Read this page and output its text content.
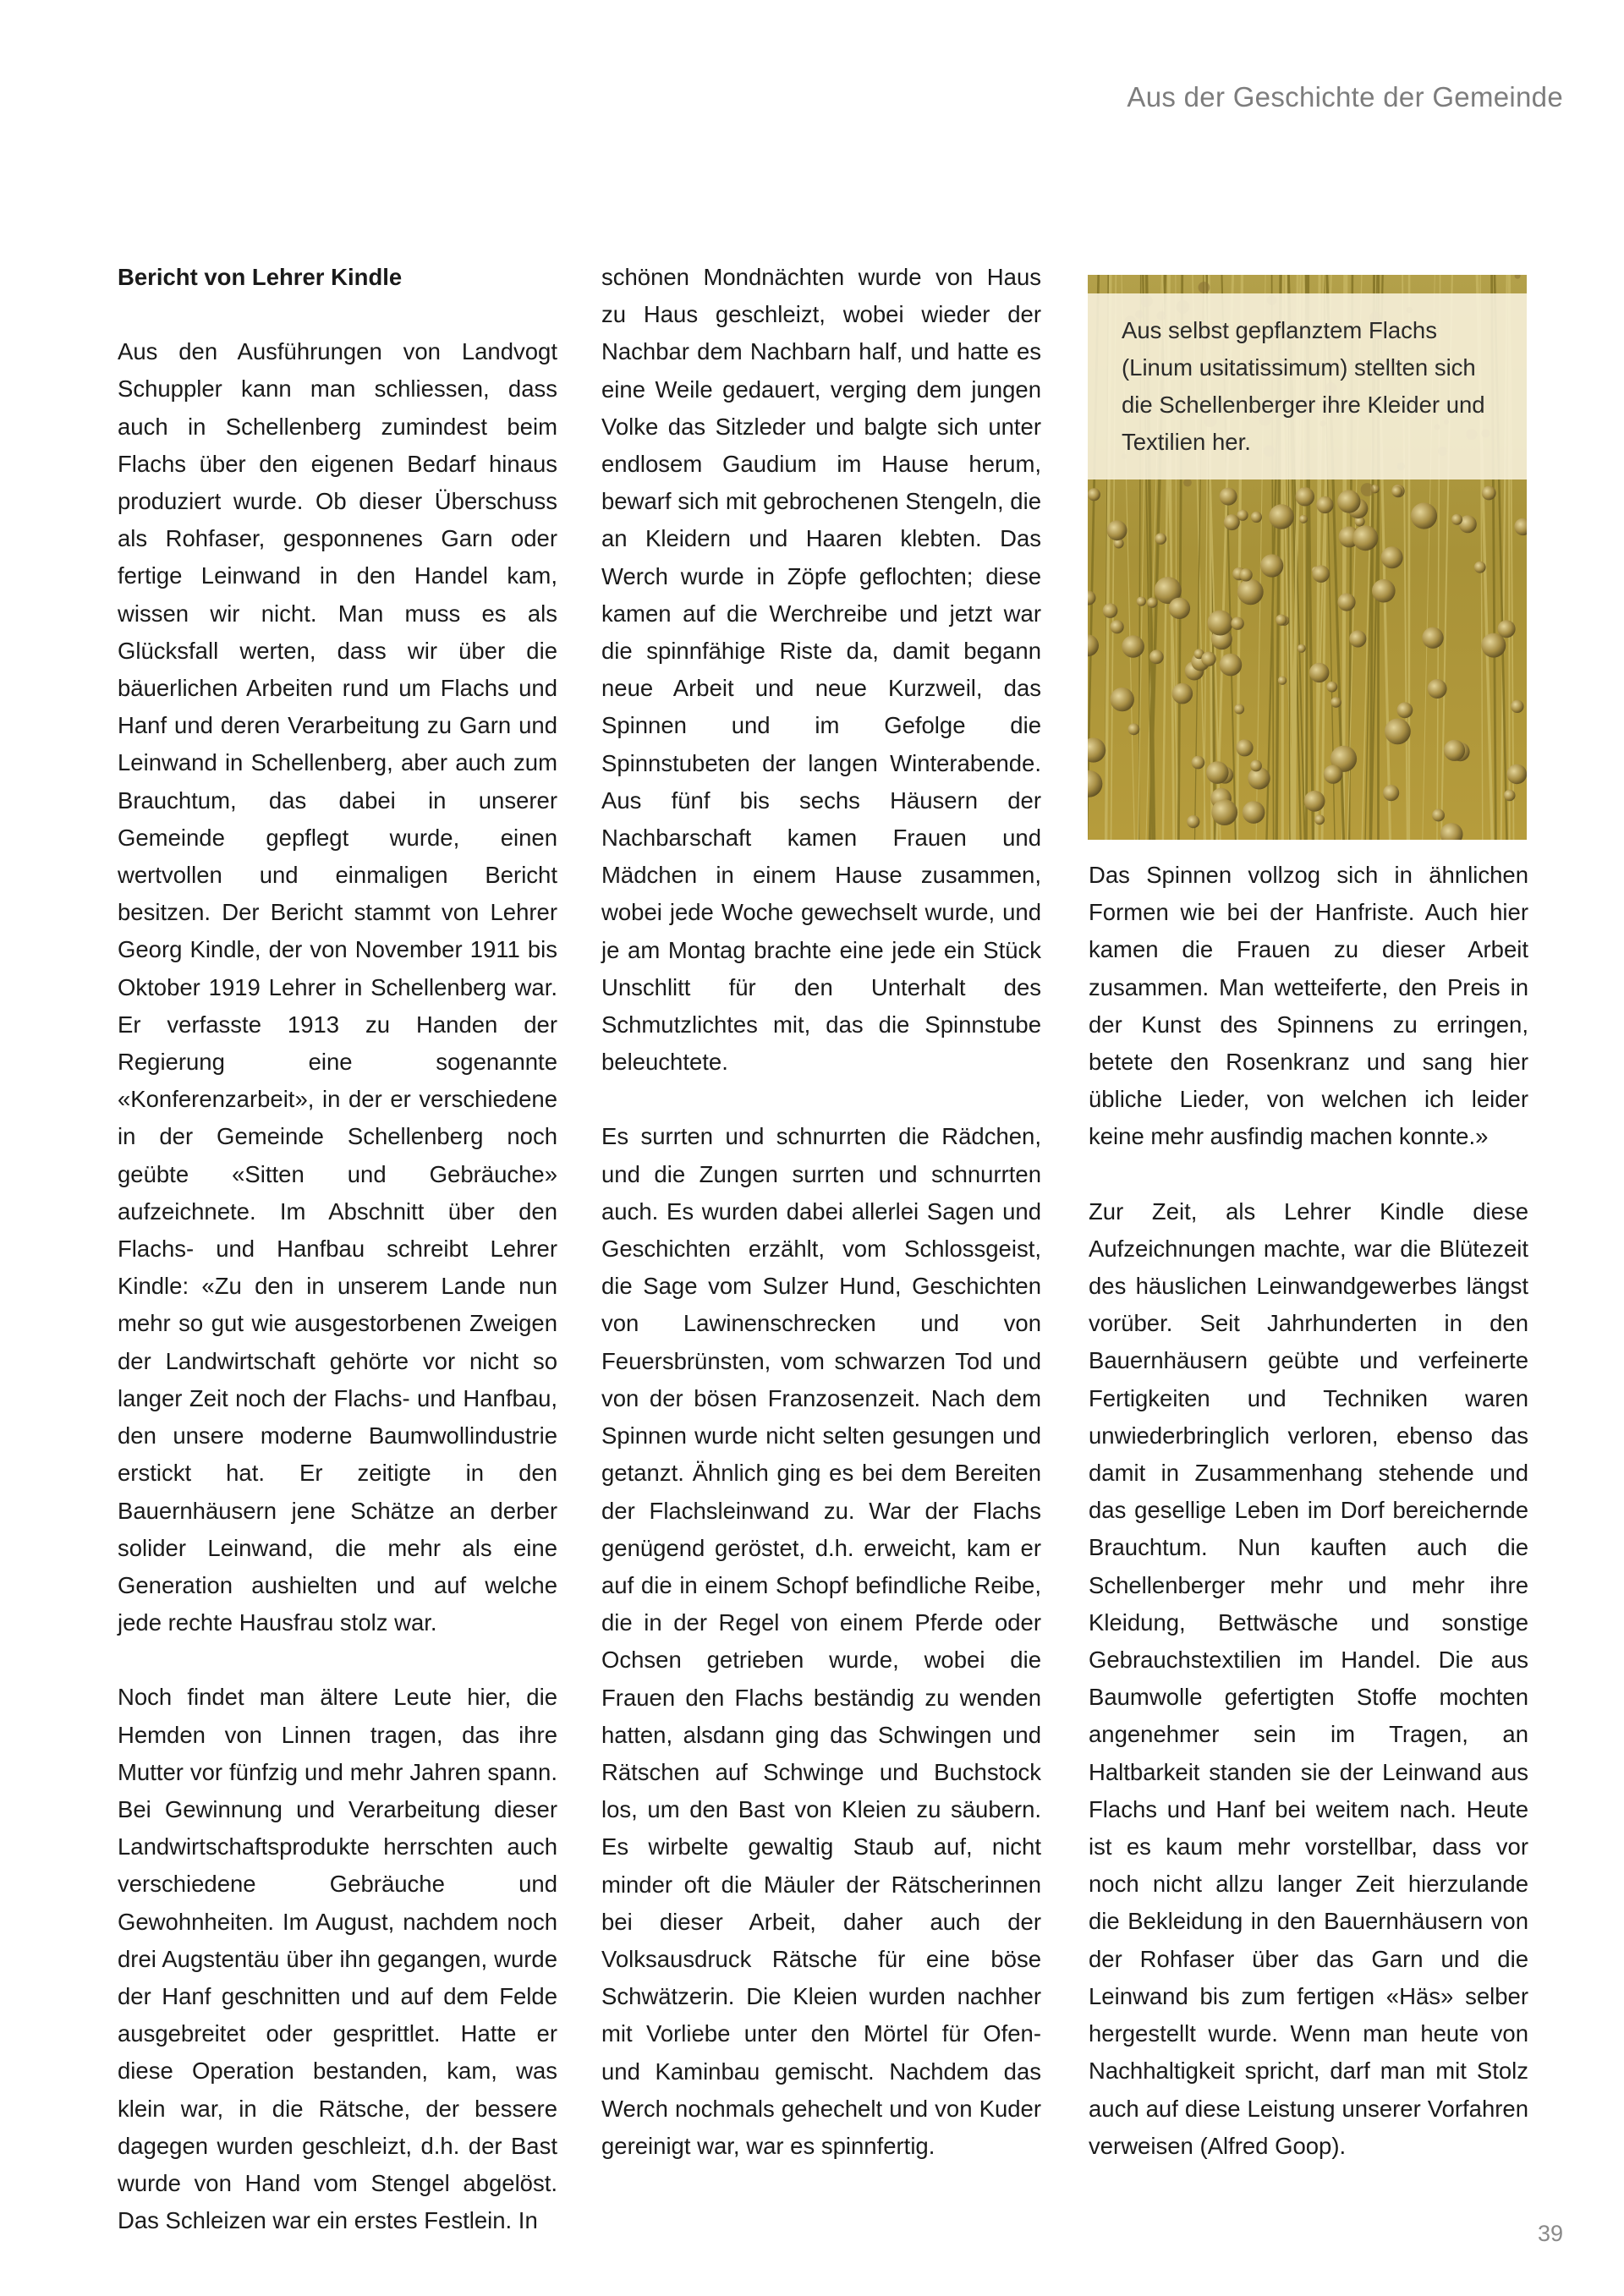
Aus der Geschichte der Gemeinde

Bericht von Lehrer Kindle

Aus den Ausführungen von Landvogt Schuppler kann man schliessen, dass auch in Schellenberg zumindest beim Flachs über den eigenen Bedarf hinaus produziert wurde. Ob dieser Überschuss als Rohfaser, gesponnenes Garn oder fertige Leinwand in den Handel kam, wissen wir nicht. Man muss es als Glücksfall werten, dass wir über die bäuerlichen Arbeiten rund um Flachs und Hanf und deren Verarbeitung zu Garn und Leinwand in Schellenberg, aber auch zum Brauchtum, das dabei in unserer Gemeinde gepflegt wurde, einen wertvollen und einmaligen Bericht besitzen. Der Bericht stammt von Lehrer Georg Kindle, der von November 1911 bis Oktober 1919 Lehrer in Schellenberg war. Er verfasste 1913 zu Handen der Regierung eine sogenannte «Konferenzarbeit», in der er verschiedene in der Gemeinde Schellenberg noch geübte «Sitten und Gebräuche» aufzeichnete. Im Abschnitt über den Flachs- und Hanfbau schreibt Lehrer Kindle: «Zu den in unserem Lande nun mehr so gut wie ausgestorbenen Zweigen der Landwirtschaft gehörte vor nicht so langer Zeit noch der Flachs- und Hanfbau, den unsere moderne Baumwollindustrie erstickt hat. Er zeitigte in den Bauernhäusern jene Schätze an derber solider Leinwand, die mehr als eine Generation aushielten und auf welche jede rechte Hausfrau stolz war.

Noch findet man ältere Leute hier, die Hemden von Linnen tragen, das ihre Mutter vor fünfzig und mehr Jahren spann. Bei Gewinnung und Verarbeitung dieser Landwirtschaftsprodukte herrschten auch verschiedene Gebräuche und Gewohnheiten. Im August, nachdem noch drei Augstentäu über ihn gegangen, wurde der Hanf geschnitten und auf dem Felde ausgebreitet oder gesprittlet. Hatte er diese Operation bestanden, kam, was klein war, in die Rätsche, der bessere dagegen wurden geschleizt, d.h. der Bast wurde von Hand vom Stengel abgelöst. Das Schleizen war ein erstes Festlein. In

schönen Mondnächten wurde von Haus zu Haus geschleizt, wobei wieder der Nachbar dem Nachbarn half, und hatte es eine Weile gedauert, verging dem jungen Volke das Sitzleder und balgte sich unter endlosem Gaudium im Hause herum, bewarf sich mit gebrochenen Stengeln, die an Kleidern und Haaren klebten. Das Werch wurde in Zöpfe geflochten; diese kamen auf die Werchreibe und jetzt war die spinnfähige Riste da, damit begann neue Arbeit und neue Kurzweil, das Spinnen und im Gefolge die Spinnstubeten der langen Winterabende. Aus fünf bis sechs Häusern der Nachbarschaft kamen Frauen und Mädchen in einem Hause zusammen, wobei jede Woche gewechselt wurde, und je am Montag brachte eine jede ein Stück Unschlitt für den Unterhalt des Schmutzlichtes mit, das die Spinnstube beleuchtete.

Es surrten und schnurrten die Rädchen, und die Zungen surrten und schnurrten auch. Es wurden dabei allerlei Sagen und Geschichten erzählt, vom Schlossgeist, die Sage vom Sulzer Hund, Geschichten von Lawinenschrecken und von Feuersbrünsten, vom schwarzen Tod und von der bösen Franzosenzeit. Nach dem Spinnen wurde nicht selten gesungen und getanzt. Ähnlich ging es bei dem Bereiten der Flachsleinwand zu. War der Flachs genügend geröstet, d.h. erweicht, kam er auf die in einem Schopf befindliche Reibe, die in der Regel von einem Pferde oder Ochsen getrieben wurde, wobei die Frauen den Flachs beständig zu wenden hatten, alsdann ging das Schwingen und Rätschen auf Schwinge und Buchstock los, um den Bast von Kleien zu säubern. Es wirbelte gewaltig Staub auf, nicht minder oft die Mäuler der Rätscherinnen bei dieser Arbeit, daher auch der Volksausdruck Rätsche für eine böse Schwätzerin. Die Kleien wurden nachher mit Vorliebe unter den Mörtel für Ofen- und Kaminbau gemischt. Nachdem das Werch nochmals gehechelt und von Kuder gereinigt war, war es spinnfertig.

Aus selbst gepflanztem Flachs (Linum usitatissimum) stellten sich die Schellenberger ihre Kleider und Textilien her.

Das Spinnen vollzog sich in ähnlichen Formen wie bei der Hanfriste. Auch hier kamen die Frauen zu dieser Arbeit zusammen. Man wetteiferte, den Preis in der Kunst des Spinnens zu erringen, betete den Rosenkranz und sang hier übliche Lieder, von welchen ich leider keine mehr ausfindig machen konnte.»

Zur Zeit, als Lehrer Kindle diese Aufzeichnungen machte, war die Blütezeit des häuslichen Leinwandgewerbes längst vorüber. Seit Jahrhunderten in den Bauernhäusern geübte und verfeinerte Fertigkeiten und Techniken waren unwiederbringlich verloren, ebenso das damit in Zusammenhang stehende und das gesellige Leben im Dorf bereichernde Brauchtum. Nun kauften auch die Schellenberger mehr und mehr ihre Kleidung, Bettwäsche und sonstige Gebrauchstextilien im Handel. Die aus Baumwolle gefertigten Stoffe mochten angenehmer sein im Tragen, an Haltbarkeit standen sie der Leinwand aus Flachs und Hanf bei weitem nach. Heute ist es kaum mehr vorstellbar, dass vor noch nicht allzu langer Zeit hierzulande die Bekleidung in den Bauernhäusern von der Rohfaser über das Garn und die Leinwand bis zum fertigen «Häs» selber hergestellt wurde. Wenn man heute von Nachhaltigkeit spricht, darf man mit Stolz auch auf diese Leistung unserer Vorfahren verweisen (Alfred Goop).

39
